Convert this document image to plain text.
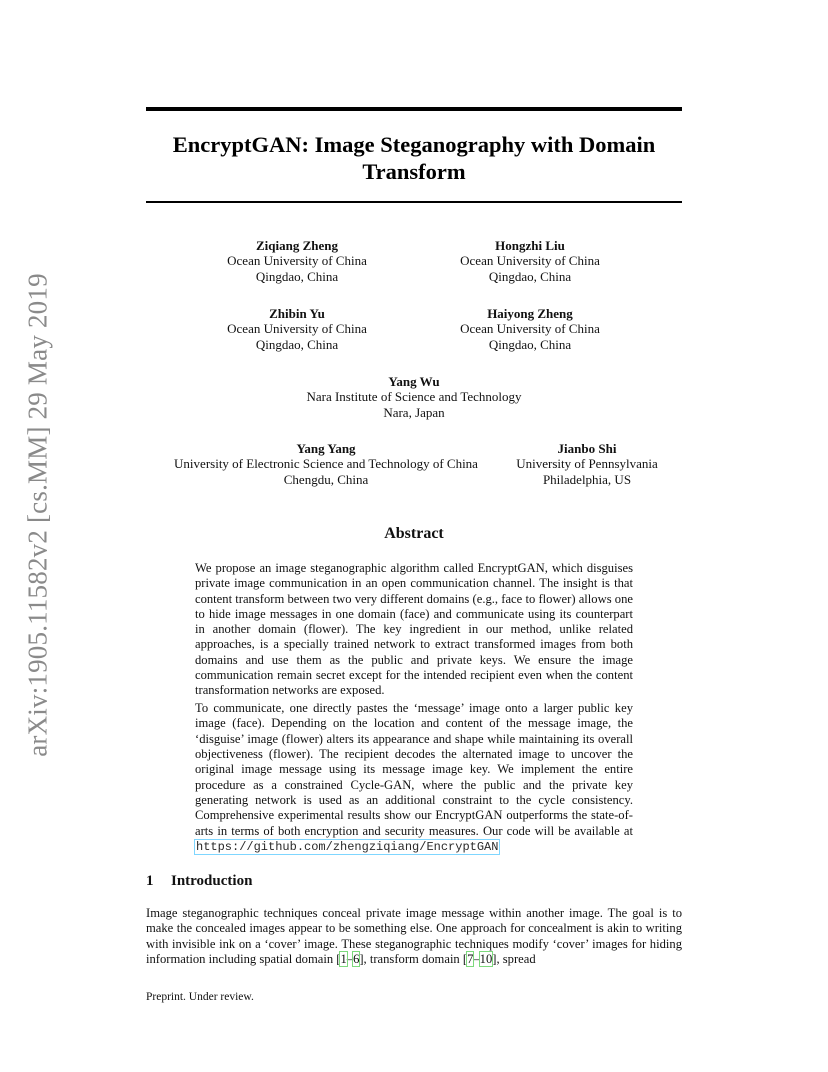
arXiv:1905.11582v2 [cs.MM] 29 May 2019
EncryptGAN: Image Steganography with Domain
Transform
Ziqiang Zheng
Ocean University of China
Qingdao, China
Hongzhi Liu
Ocean University of China
Qingdao, China
Zhibin Yu
Ocean University of China
Qingdao, China
Haiyong Zheng
Ocean University of China
Qingdao, China
Yang Wu
Nara Institute of Science and Technology
Nara, Japan
Yang Yang
University of Electronic Science and Technology of China
Chengdu, China
Jianbo Shi
University of Pennsylvania
Philadelphia, US
Abstract

We propose an image steganographic algorithm called EncryptGAN, which disguises private image communication in an open communication channel. The insight is that content transform between two very different domains (e.g., face to flower) allows one to hide image messages in one domain (face) and communicate using its counterpart in another domain (flower). The key ingredient in our method, unlike related approaches, is a specially trained network to extract transformed images from both domains and use them as the public and private keys. We ensure the image communication remain secret except for the intended recipient even when the content transformation networks are exposed.

To communicate, one directly pastes the ‘message’ image onto a larger public key image (face). Depending on the location and content of the message image, the ‘disguise’ image (flower) alters its appearance and shape while maintaining its overall objectiveness (flower). The recipient decodes the alternated image to uncover the original image message using its message image key. We implement the entire procedure as a constrained Cycle-GAN, where the public and the private key generating network is used as an additional constraint to the cycle consistency. Comprehensive experimental results show our EncryptGAN outperforms the state-of-arts in terms of both encryption and security measures. Our code will be available at https://github.com/zhengziqiang/EncryptGAN

1 Introduction
Image steganographic techniques conceal private image message within another image. The goal is to make the concealed images appear to be something else. One approach for concealment is akin to writing with invisible ink on a ‘cover’ image. These steganographic techniques modify ‘cover’ images for hiding information including spatial domain [1–6], transform domain [7–10], spread
Preprint. Under review.
